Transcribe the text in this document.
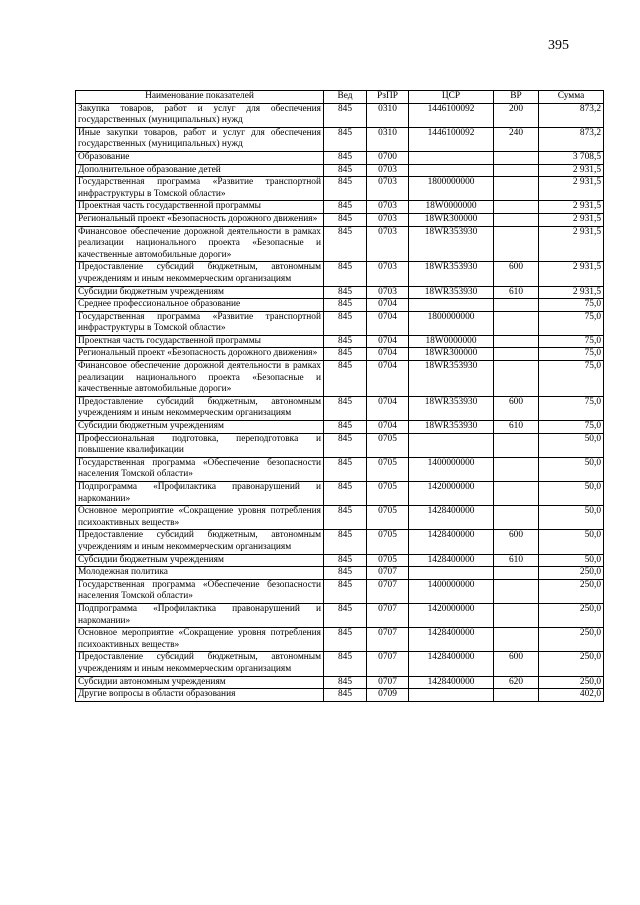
395
Наименование показателей	Вед	РзПР	ЦСР	ВР	Сумма
Закупка товаров, работ и услуг для обеспечения государственных (муниципальных) нужд	845	0310	1446100092	200	873,2
Иные закупки товаров, работ и услуг для обеспечения государственных (муниципальных) нужд	845	0310	1446100092	240	873,2
Образование	845	0700			3 708,5
Дополнительное образование детей	845	0703			2 931,5
Государственная программа «Развитие транспортной инфраструктуры в Томской области»	845	0703	1800000000		2 931,5
Проектная часть государственной программы	845	0703	18W0000000		2 931,5
Региональный проект «Безопасность дорожного движения»	845	0703	18WR300000		2 931,5
Финансовое обеспечение дорожной деятельности в рамках реализации национального проекта «Безопасные и качественные автомобильные дороги»	845	0703	18WR353930		2 931,5
Предоставление субсидий бюджетным, автономным учреждениям и иным некоммерческим организациям	845	0703	18WR353930	600	2 931,5
Субсидии бюджетным учреждениям	845	0703	18WR353930	610	2 931,5
Среднее профессиональное образование	845	0704			75,0
Государственная программа «Развитие транспортной инфраструктуры в Томской области»	845	0704	1800000000		75,0
Проектная часть государственной программы	845	0704	18W0000000		75,0
Региональный проект «Безопасность дорожного движения»	845	0704	18WR300000		75,0
Финансовое обеспечение дорожной деятельности в рамках реализации национального проекта «Безопасные и качественные автомобильные дороги»	845	0704	18WR353930		75,0
Предоставление субсидий бюджетным, автономным учреждениям и иным некоммерческим организациям	845	0704	18WR353930	600	75,0
Субсидии бюджетным учреждениям	845	0704	18WR353930	610	75,0
Профессиональная подготовка, переподготовка и повышение квалификации	845	0705			50,0
Государственная программа «Обеспечение безопасности населения Томской области»	845	0705	1400000000		50,0
Подпрограмма «Профилактика правонарушений и наркомании»	845	0705	1420000000		50,0
Основное мероприятие «Сокращение уровня потребления психоактивных веществ»	845	0705	1428400000		50,0
Предоставление субсидий бюджетным, автономным учреждениям и иным некоммерческим организациям	845	0705	1428400000	600	50,0
Субсидии бюджетным учреждениям	845	0705	1428400000	610	50,0
Молодежная политика	845	0707			250,0
Государственная программа «Обеспечение безопасности населения Томской области»	845	0707	1400000000		250,0
Подпрограмма «Профилактика правонарушений и наркомании»	845	0707	1420000000		250,0
Основное мероприятие «Сокращение уровня потребления психоактивных веществ»	845	0707	1428400000		250,0
Предоставление субсидий бюджетным, автономным учреждениям и иным некоммерческим организациям	845	0707	1428400000	600	250,0
Субсидии автономным учреждениям	845	0707	1428400000	620	250,0
Другие вопросы в области образования	845	0709			402,0
